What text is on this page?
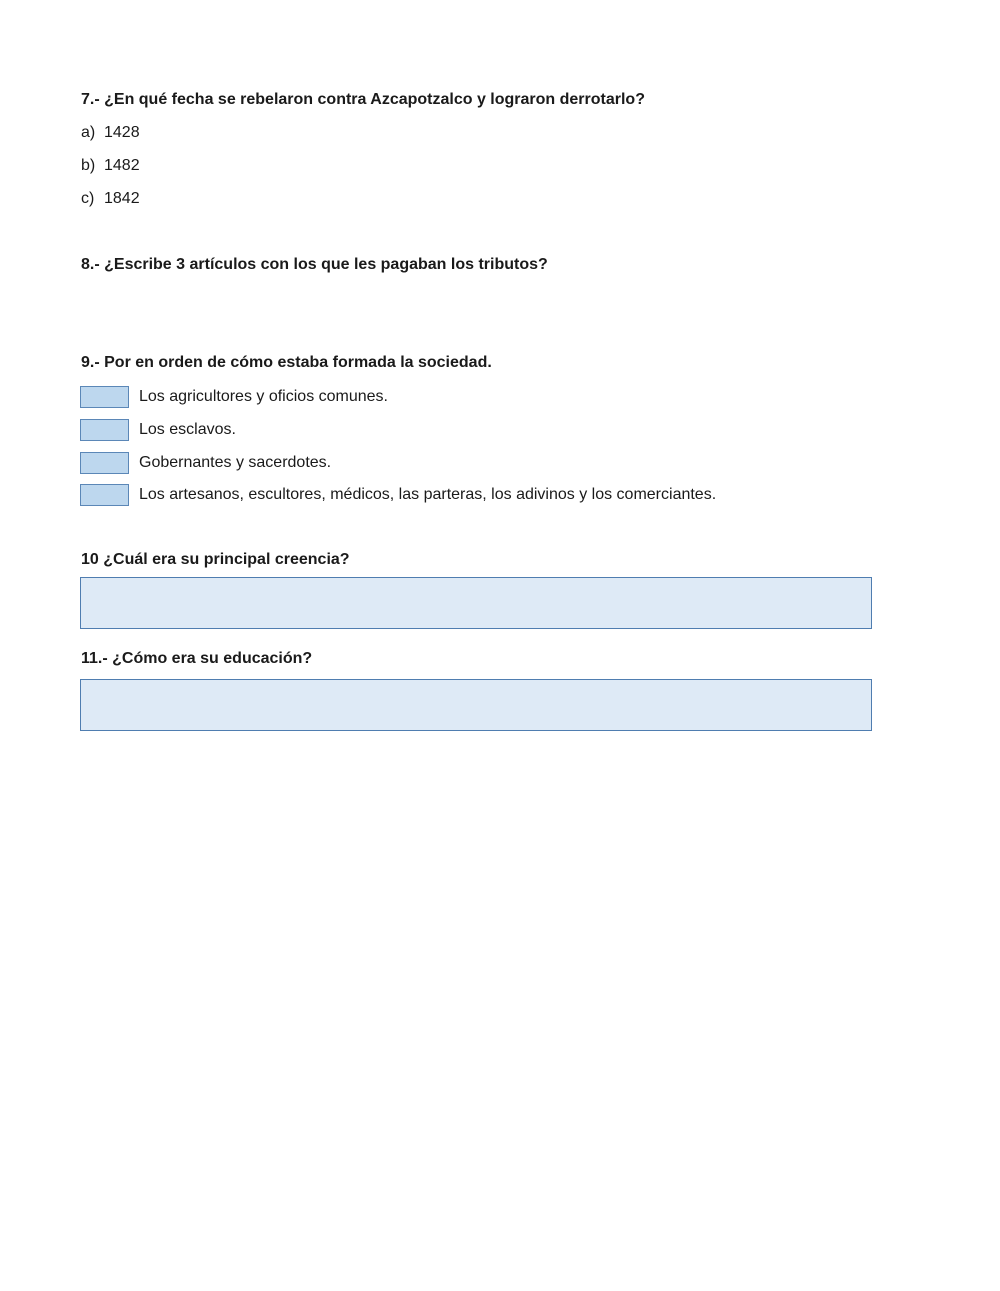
7.- ¿En qué fecha se rebelaron contra Azcapotzalco y lograron derrotarlo?
a) 1428
b) 1482
c) 1842
8.- ¿Escribe 3 artículos con los que les pagaban los tributos?
9.- Por en orden de cómo estaba formada la sociedad.
Los agricultores y oficios comunes.
Los esclavos.
Gobernantes y sacerdotes.
Los artesanos, escultores, médicos, las parteras, los adivinos y los comerciantes.
10 ¿Cuál era su principal creencia?
11.- ¿Cómo era su educación?
